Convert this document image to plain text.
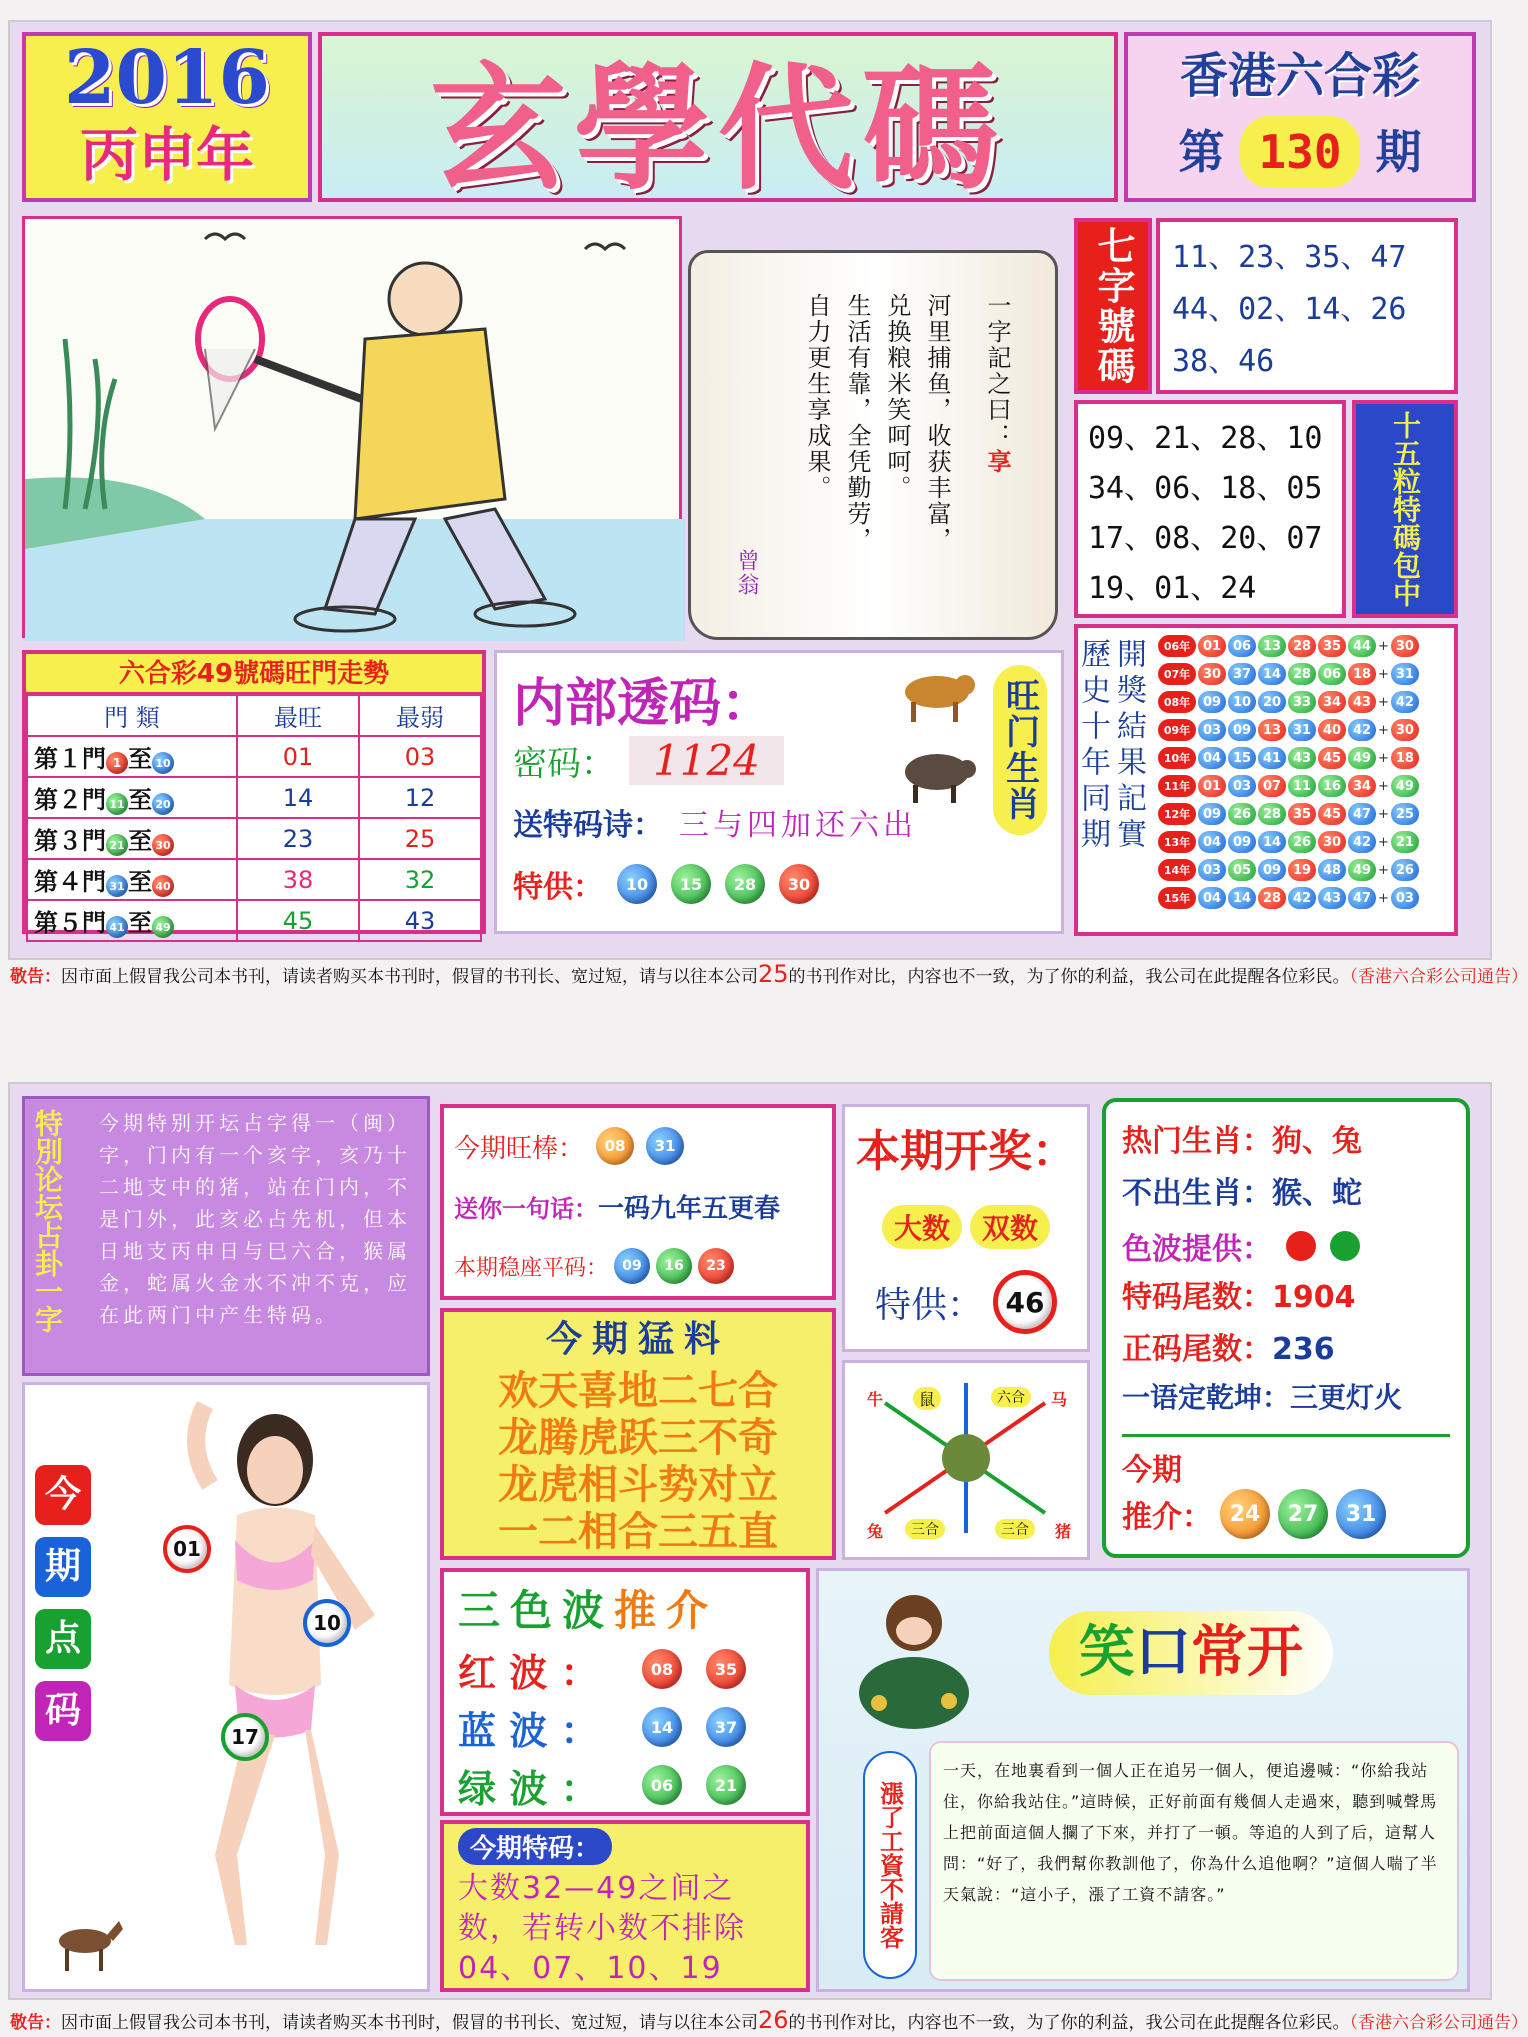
2016
丙申年	玄學代碼	香港六合彩
第 130 期
一字記之曰：享
河里捕鱼，收获丰富，
兑换粮米笑呵呵。
生活有靠，全凭勤劳，
自力更生享成果。
曾翁
七字號碼 11、23、35、47
44、02、14、26
38、46
09、21、28、10
34、06、18、05
17、08、20、07
19、01、24	十五粒特碼包中
六合彩49號碼旺門走勢
門 類	最旺	最弱
第１門 1 至 10	01	03
第２門 11 至 20	14	12
第３門 21 至 30	23	25
第４門 31 至 40	38	32
第５門 41 至 49	45	43
内部透码：
密码： 1124
送特码诗： 三与四加还六出
特供：	10	15	28	30
旺门生肖 歷史十年同期 開獎結果記實	06年 01 06 13 28 35 44 + 30
07年 30 37 14 28 06 18 + 31
08年 09 10 20 33 34 43 + 42
09年 03 09 13 31 40 42 + 30
10年 04 15 41 43 45 49 + 18
11年 01 03 07 11 16 34 + 49
12年 09 26 28 35 45 47 + 25
13年 04 09 14 26 30 42 + 21
14年 03 05 09 19 48 49 + 26
15年 04 14 28 42 43 47 + 03
敬告：因市面上假冒我公司本书刊，请读者购买本书刊时，假冒的书刊长、宽过短，请与以往本公司25的书刊作对比，内容也不一致，为了你的利益，我公司在此提醒各位彩民。（香港六合彩公司通告）
特別论坛占卦一字 今期特别开坛占字得一（闽）字，门内有一个亥字，亥乃十二地支中的猪，站在门内，不是门外，此亥必占先机，但本日地支丙申日与巳六合，猴属金，蛇属火金水不冲不克，应在此两门中产生特码。
今
期
点
码
01
10
17
今期旺棒：	08	31
送你一句话： 一码九年五更春
本期稳座平码：	09	16	23
今期猛料
欢天喜地二七合
龙腾虎跃三不奇
龙虎相斗势对立
一二相合三五直
本期开奖：
大数	双数
特供： 46
牛	鼠	六合	马
兔	三合	三合	猪
热门生肖：狗、兔
不出生肖：猴、蛇
色波提供：
特码尾数：1904
正码尾数：236
一语定乾坤：三更灯火
今期
推介： 24	27	31
三色波推介
红 波 ：	08	35
蓝 波 ：	14	37
绿 波 ：	06	21
今期特码：
大数32—49之间之数，若转小数不排除04、07、10、19
笑口常开
漲了工資不請客
一天，在地裏看到一個人正在追另一個人，便追邊喊：“你給我站住，你給我站住。”這時候，正好前面有幾個人走過來，聽到喊聲馬上把前面這個人攔了下來，并打了一頓。等追的人到了后，這幫人問：“好了，我們幫你教訓他了，你為什么追他啊？”這個人喘了半天氣說：“這小子，漲了工資不請客。”
敬告：因市面上假冒我公司本书刊，请读者购买本书刊时，假冒的书刊长、宽过短，请与以往本公司26的书刊作对比，内容也不一致，为了你的利益，我公司在此提醒各位彩民。（香港六合彩公司通告）
